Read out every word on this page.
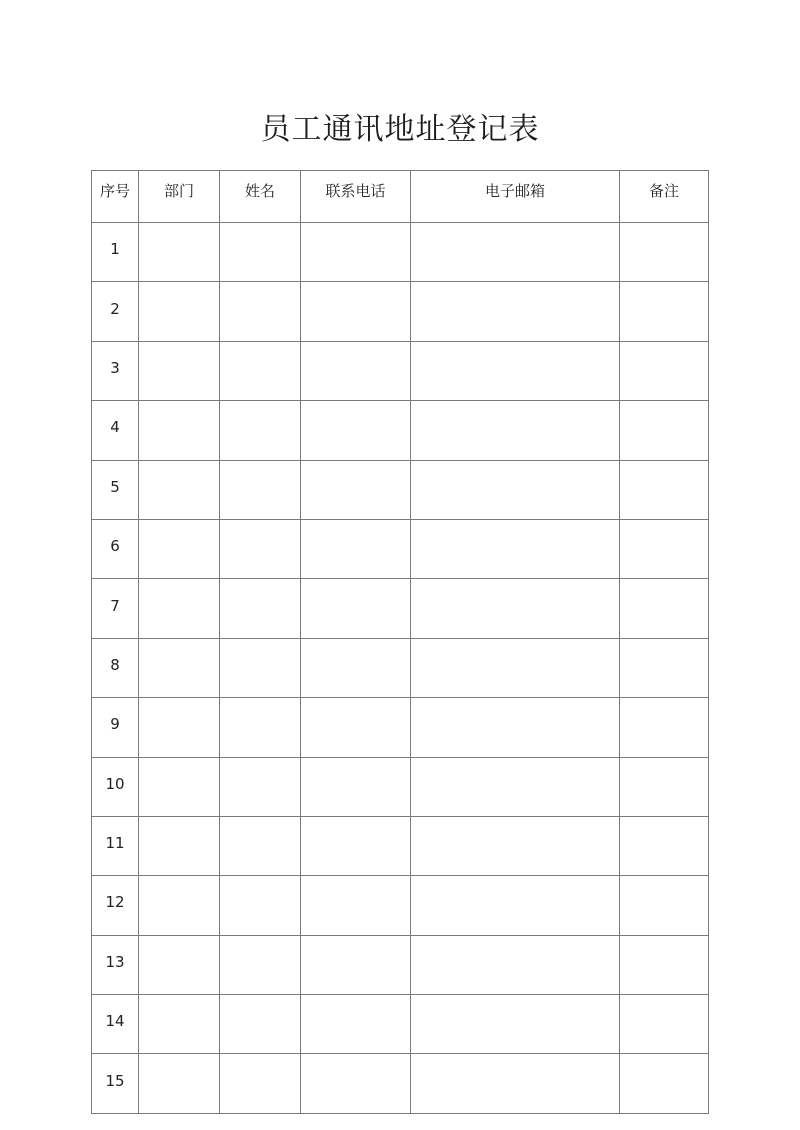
员工通讯地址登记表
序号	部门	姓名	联系电话	电子邮箱	备注
1					
2					
3					
4					
5					
6					
7					
8					
9					
10					
11					
12					
13					
14					
15					
